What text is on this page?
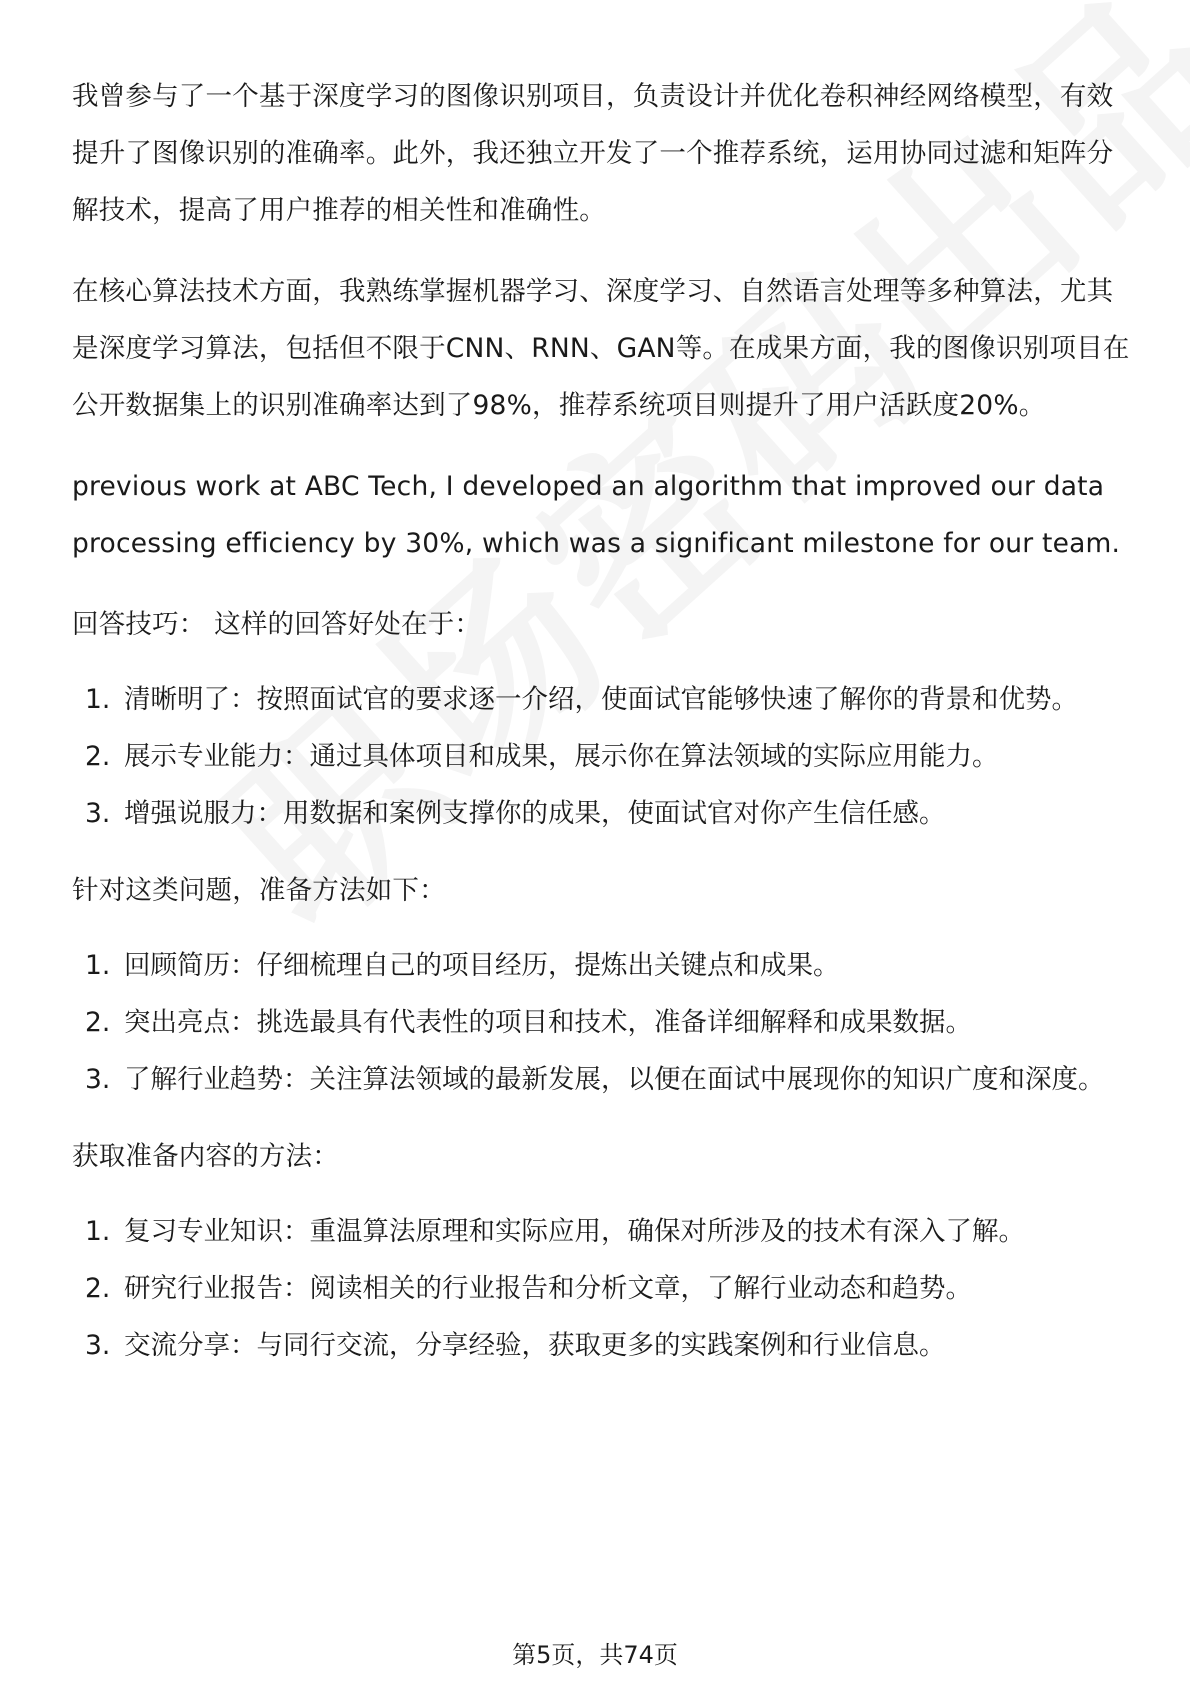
我曾参与了一个基于深度学习的图像识别项目，负责设计并优化卷积神经网络模型，有效提升了图像识别的准确率。此外，我还独立开发了一个推荐系统，运用协同过滤和矩阵分解技术，提高了用户推荐的相关性和准确性。

在核心算法技术方面，我熟练掌握机器学习、深度学习、自然语言处理等多种算法，尤其是深度学习算法，包括但不限于CNN、RNN、GAN等。在成果方面，我的图像识别项目在公开数据集上的识别准确率达到了98%，推荐系统项目则提升了用户活跃度20%。

previous work at ABC Tech, I developed an algorithm that improved our data processing efficiency by 30%, which was a significant milestone for our team.

回答技巧： 这样的回答好处在于：

1. 清晰明了：按照面试官的要求逐一介绍，使面试官能够快速了解你的背景和优势。
2. 展示专业能力：通过具体项目和成果，展示你在算法领域的实际应用能力。
3. 增强说服力：用数据和案例支撑你的成果，使面试官对你产生信任感。

针对这类问题，准备方法如下：

1. 回顾简历：仔细梳理自己的项目经历，提炼出关键点和成果。
2. 突出亮点：挑选最具有代表性的项目和技术，准备详细解释和成果数据。
3. 了解行业趋势：关注算法领域的最新发展，以便在面试中展现你的知识广度和深度。

获取准备内容的方法：

1. 复习专业知识：重温算法原理和实际应用，确保对所涉及的技术有深入了解。
2. 研究行业报告：阅读相关的行业报告和分析文章，了解行业动态和趋势。
3. 交流分享：与同行交流，分享经验，获取更多的实践案例和行业信息。
第5页，共74页
